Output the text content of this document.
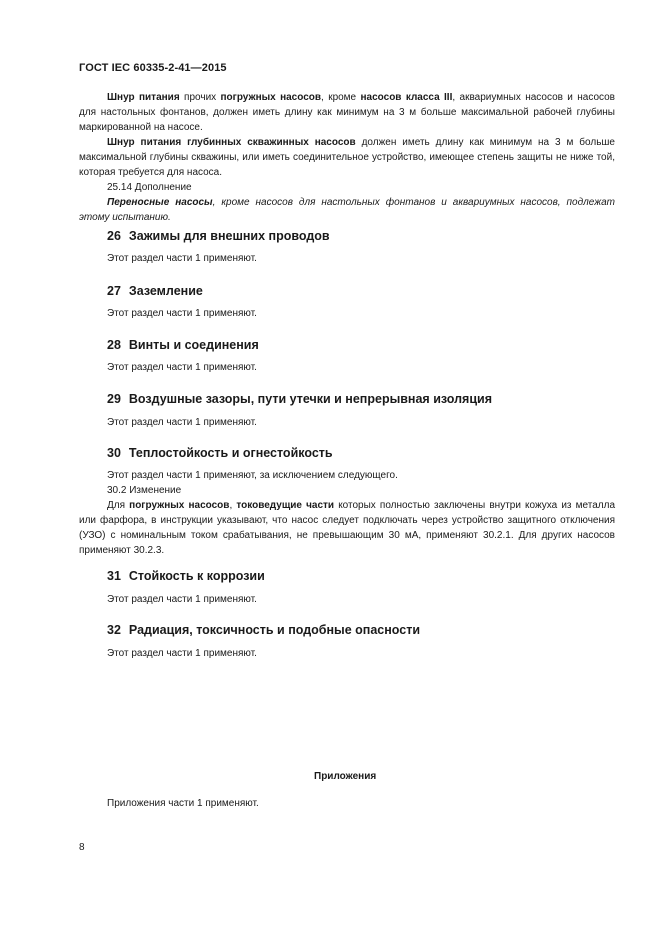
ГОСТ IEC 60335-2-41—2015

Шнур питания прочих погружных насосов, кроме насосов класса III, аквариумных насосов и насосов для настольных фонтанов, должен иметь длину как минимум на 3 м больше максимальной рабочей глубины маркированной на насосе.

Шнур питания глубинных скважинных насосов должен иметь длину как минимум на 3 м больше максимальной глубины скважины, или иметь соединительное устройство, имеющее степень защиты не ниже той, которая требуется для насоса.

25.14 Дополнение

Переносные насосы, кроме насосов для настольных фонтанов и аквариумных насосов, подлежат этому испытанию.

26 Зажимы для внешних проводов
Этот раздел части 1 применяют.
27 Заземление
Этот раздел части 1 применяют.
28 Винты и соединения
Этот раздел части 1 применяют.
29 Воздушные зазоры, пути утечки и непрерывная изоляция
Этот раздел части 1 применяют.
30 Теплостойкость и огнестойкость

Этот раздел части 1 применяют, за исключением следующего.

30.2 Изменение

Для погружных насосов, токоведущие части которых полностью заключены внутри кожуха из металла или фарфора, в инструкции указывают, что насос следует подключать через устройство защитного отключения (УЗО) с номинальным током срабатывания, не превышающим 30 мА, применяют 30.2.1. Для других насосов применяют 30.2.3.

31 Стойкость к коррозии
Этот раздел части 1 применяют.
32 Радиация, токсичность и подобные опасности
Этот раздел части 1 применяют.
Приложения
Приложения части 1 применяют.
8
